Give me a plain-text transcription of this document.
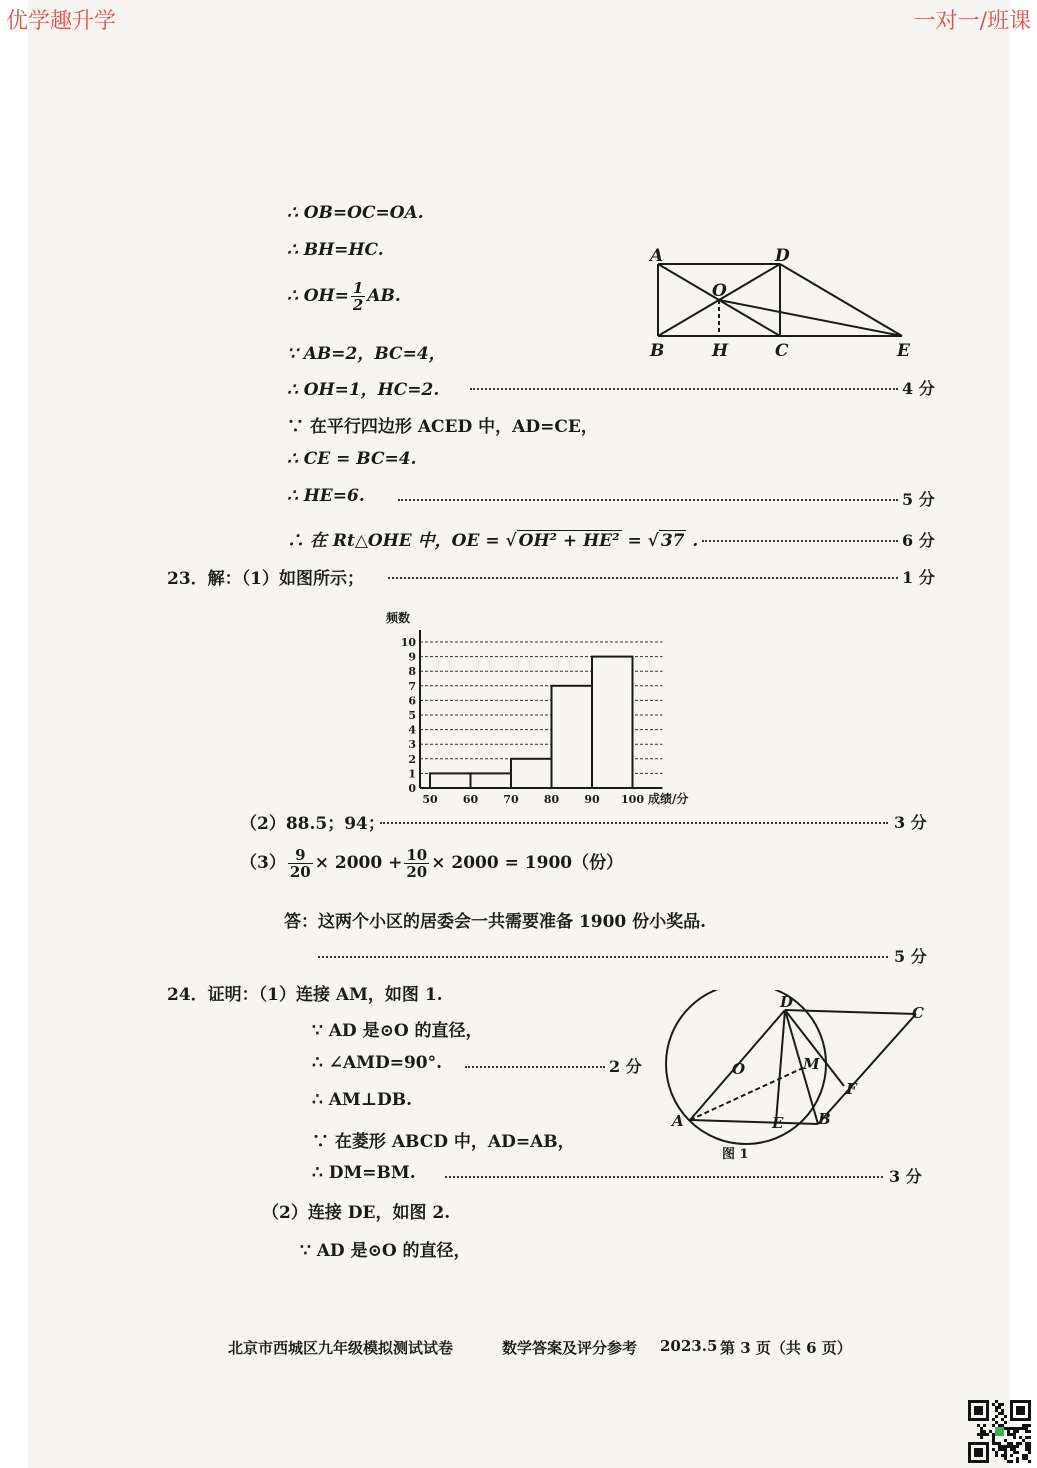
优学趣升学	一对一/班课
∴ OB=OC=OA.
∴ BH=HC.
∴ $OH= \frac{1}{2}$ AB.
∵ AB=2，BC=4，
∴ OH=1，HC=2.	4 分
∵ 在平行四边形 ACED 中，AD=CE，
∴ CE = BC=4.
∴ HE=6.	5 分
∴ 在 Rt△OHE 中，OE = √ OH² + HE² = √ 37 .	6 分
A	D
O
B	H	C	E
23．解：（1）如图所示；	1 分
频数
成绩/分
0
1
2
3
4
5
6
7
8
9
10
50 60 70 80 90 100
（2）88.5；94；	3 分
$(3) \frac{9}{20} \times 2000 + \frac{10}{20} \times 2000 = 1900$（份）
答：这两个小区的居委会一共需要准备 1900 份小奖品.
5 分
24．证明：（1）连接 AM，如图 1.
∵ AD 是⊙O 的直径，
∴ ∠AMD=90°.	2 分
∴ AM⊥DB.
∵ 在菱形 ABCD 中，AD=AB，
∴ DM=BM.	3 分
（2）连接 DE，如图 2.
∵ AD 是⊙O 的直径，
D
C
O	M
F
A	E B
图 1
北京市西城区九年级模拟测试试卷	数学答案及评分参考 2023.5 第 3 页（共 6 页）
